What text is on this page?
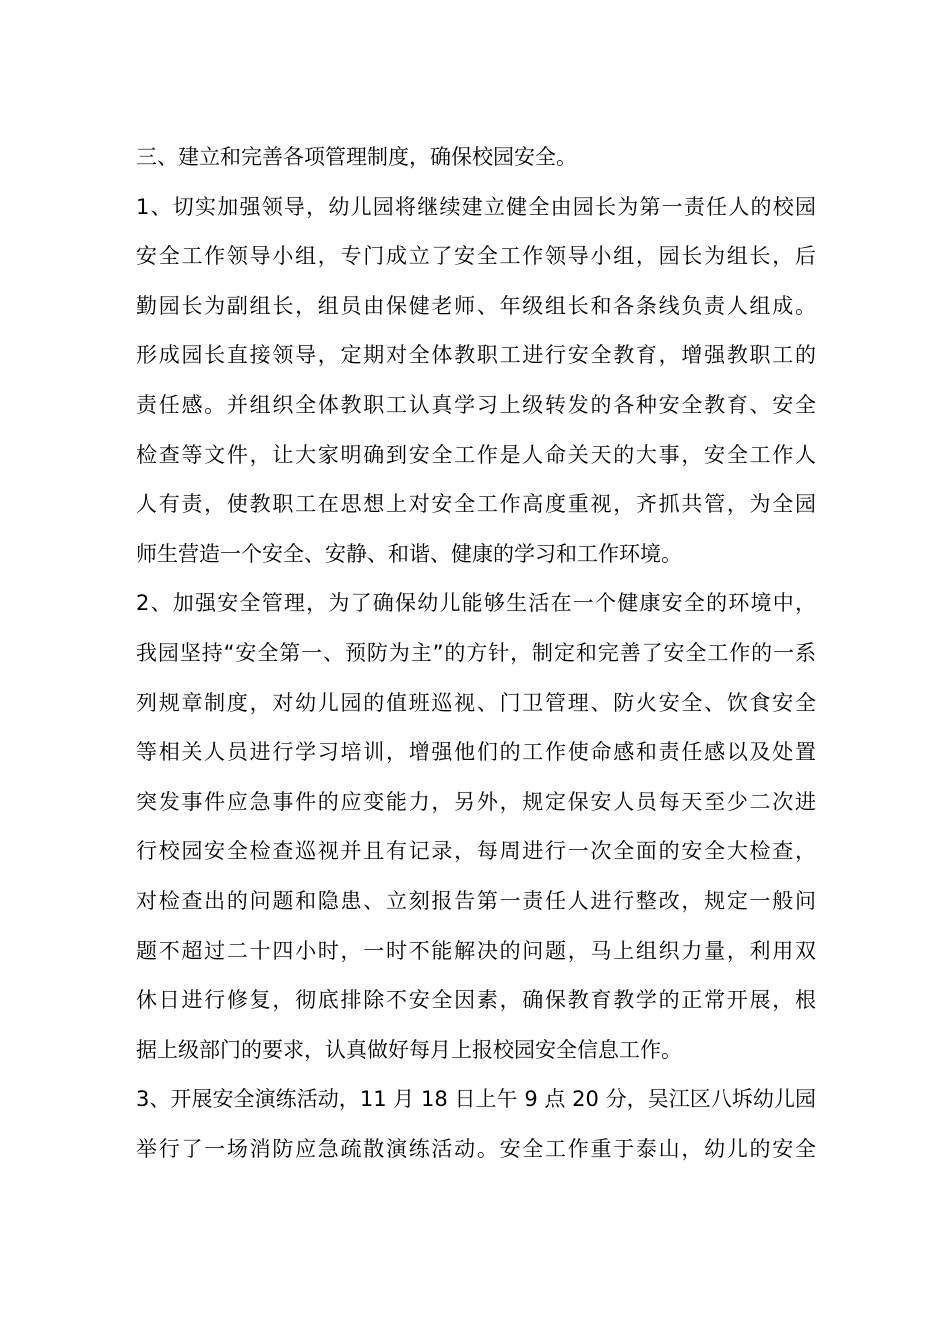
三、建立和完善各项管理制度，确保校园安全。
1、切实加强领导，幼儿园将继续建立健全由园长为第一责任人的校园
安全工作领导小组，专门成立了安全工作领导小组，园长为组长，后
勤园长为副组长，组员由保健老师、年级组长和各条线负责人组成。
形成园长直接领导，定期对全体教职工进行安全教育，增强教职工的
责任感。并组织全体教职工认真学习上级转发的各种安全教育、安全
检查等文件，让大家明确到安全工作是人命关天的大事，安全工作人
人有责，使教职工在思想上对安全工作高度重视，齐抓共管，为全园
师生营造一个安全、安静、和谐、健康的学习和工作环境。
2、加强安全管理，为了确保幼儿能够生活在一个健康安全的环境中，
我园坚持“安全第一、预防为主”的方针，制定和完善了安全工作的一系
列规章制度，对幼儿园的值班巡视、门卫管理、防火安全、饮食安全
等相关人员进行学习培训，增强他们的工作使命感和责任感以及处置
突发事件应急事件的应变能力，另外，规定保安人员每天至少二次进
行校园安全检查巡视并且有记录，每周进行一次全面的安全大检查，
对检查出的问题和隐患、立刻报告第一责任人进行整改，规定一般问
题不超过二十四小时，一时不能解决的问题，马上组织力量，利用双
休日进行修复，彻底排除不安全因素，确保教育教学的正常开展，根
据上级部门的要求，认真做好每月上报校园安全信息工作。
3、开展安全演练活动，11 月 18 日上午 9 点 20 分，吴江区八坼幼儿园
举行了一场消防应急疏散演练活动。安全工作重于泰山，幼儿的安全
